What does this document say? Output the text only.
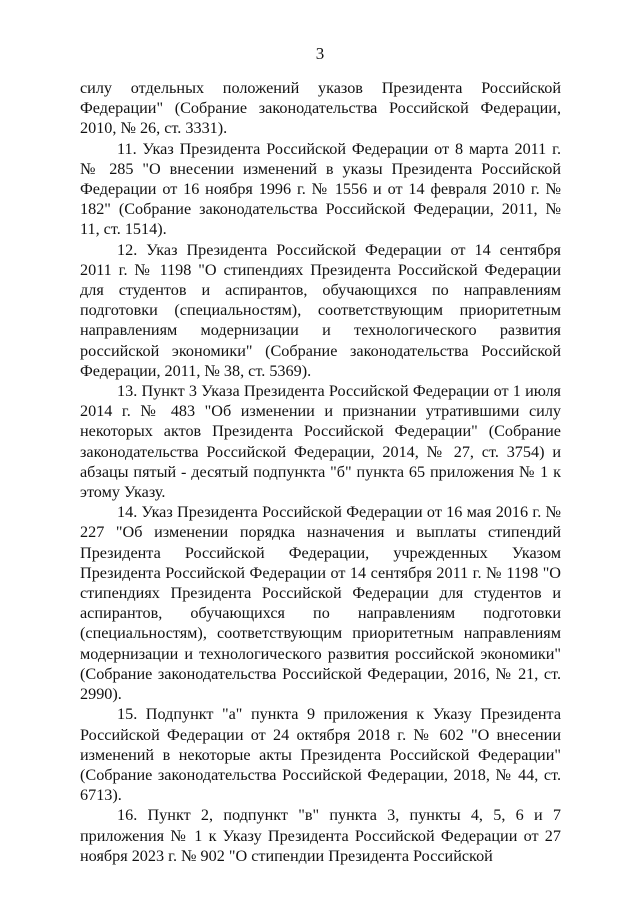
3

силу отдельных положений указов Президента Российской Федерации" (Собрание законодательства Российской Федерации, 2010, № 26, ст. 3331).

11. Указ Президента Российской Федерации от 8 марта 2011 г. № 285 "О внесении изменений в указы Президента Российской Федерации от 16 ноября 1996 г. № 1556 и от 14 февраля 2010 г. № 182" (Собрание законодательства Российской Федерации, 2011, № 11, ст. 1514).

12. Указ Президента Российской Федерации от 14 сентября 2011 г. № 1198 "О стипендиях Президента Российской Федерации для студентов и аспирантов, обучающихся по направлениям подготовки (специальностям), соответствующим приоритетным направлениям модернизации и технологического развития российской экономики" (Собрание законодательства Российской Федерации, 2011, № 38, ст. 5369).

13. Пункт 3 Указа Президента Российской Федерации от 1 июля 2014 г. № 483 "Об изменении и признании утратившими силу некоторых актов Президента Российской Федерации" (Собрание законодательства Российской Федерации, 2014, № 27, ст. 3754) и абзацы пятый - десятый подпункта "б" пункта 65 приложения № 1 к этому Указу.

14. Указ Президента Российской Федерации от 16 мая 2016 г. № 227 "Об изменении порядка назначения и выплаты стипендий Президента Российской Федерации, учрежденных Указом Президента Российской Федерации от 14 сентября 2011 г. № 1198 "О стипендиях Президента Российской Федерации для студентов и аспирантов, обучающихся по направлениям подготовки (специальностям), соответствующим приоритетным направлениям модернизации и технологического развития российской экономики" (Собрание законодательства Российской Федерации, 2016, № 21, ст. 2990).

15. Подпункт "а" пункта 9 приложения к Указу Президента Российской Федерации от 24 октября 2018 г. № 602 "О внесении изменений в некоторые акты Президента Российской Федерации" (Собрание законодательства Российской Федерации, 2018, № 44, ст. 6713).

16. Пункт 2, подпункт "в" пункта 3, пункты 4, 5, 6 и 7 приложения № 1 к Указу Президента Российской Федерации от 27 ноября 2023 г. № 902 "О стипендии Президента Российской
